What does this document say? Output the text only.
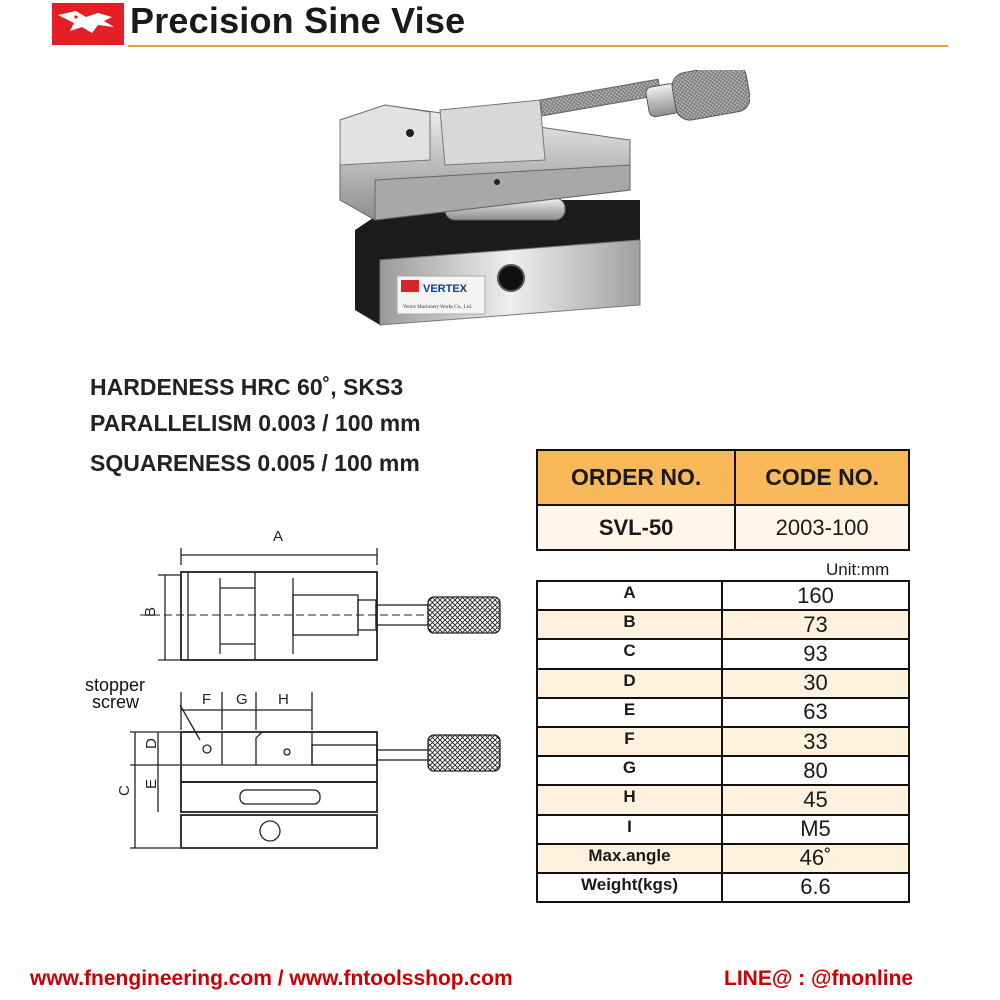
Precision Sine Vise
VERTEX
Vertex Machinery Works Co., Ltd.
HARDENESS HRC 60˚, SKS3
PARALLELISM 0.003 / 100 mm
SQUARENESS 0.005 / 100 mm
ORDER NO.	CODE NO.
SVL-50	2003-100
Unit:mm
A	160
B	73
C	93
D	30
E	63
F	33
G	80
H	45
I	M5
Max.angle	46˚
Weight(kgs)	6.6
A
B
F G H
C
D
E
stopper
screw
www.fnengineering.com / www.fntoolsshop.com	LINE@ : @fnonline
